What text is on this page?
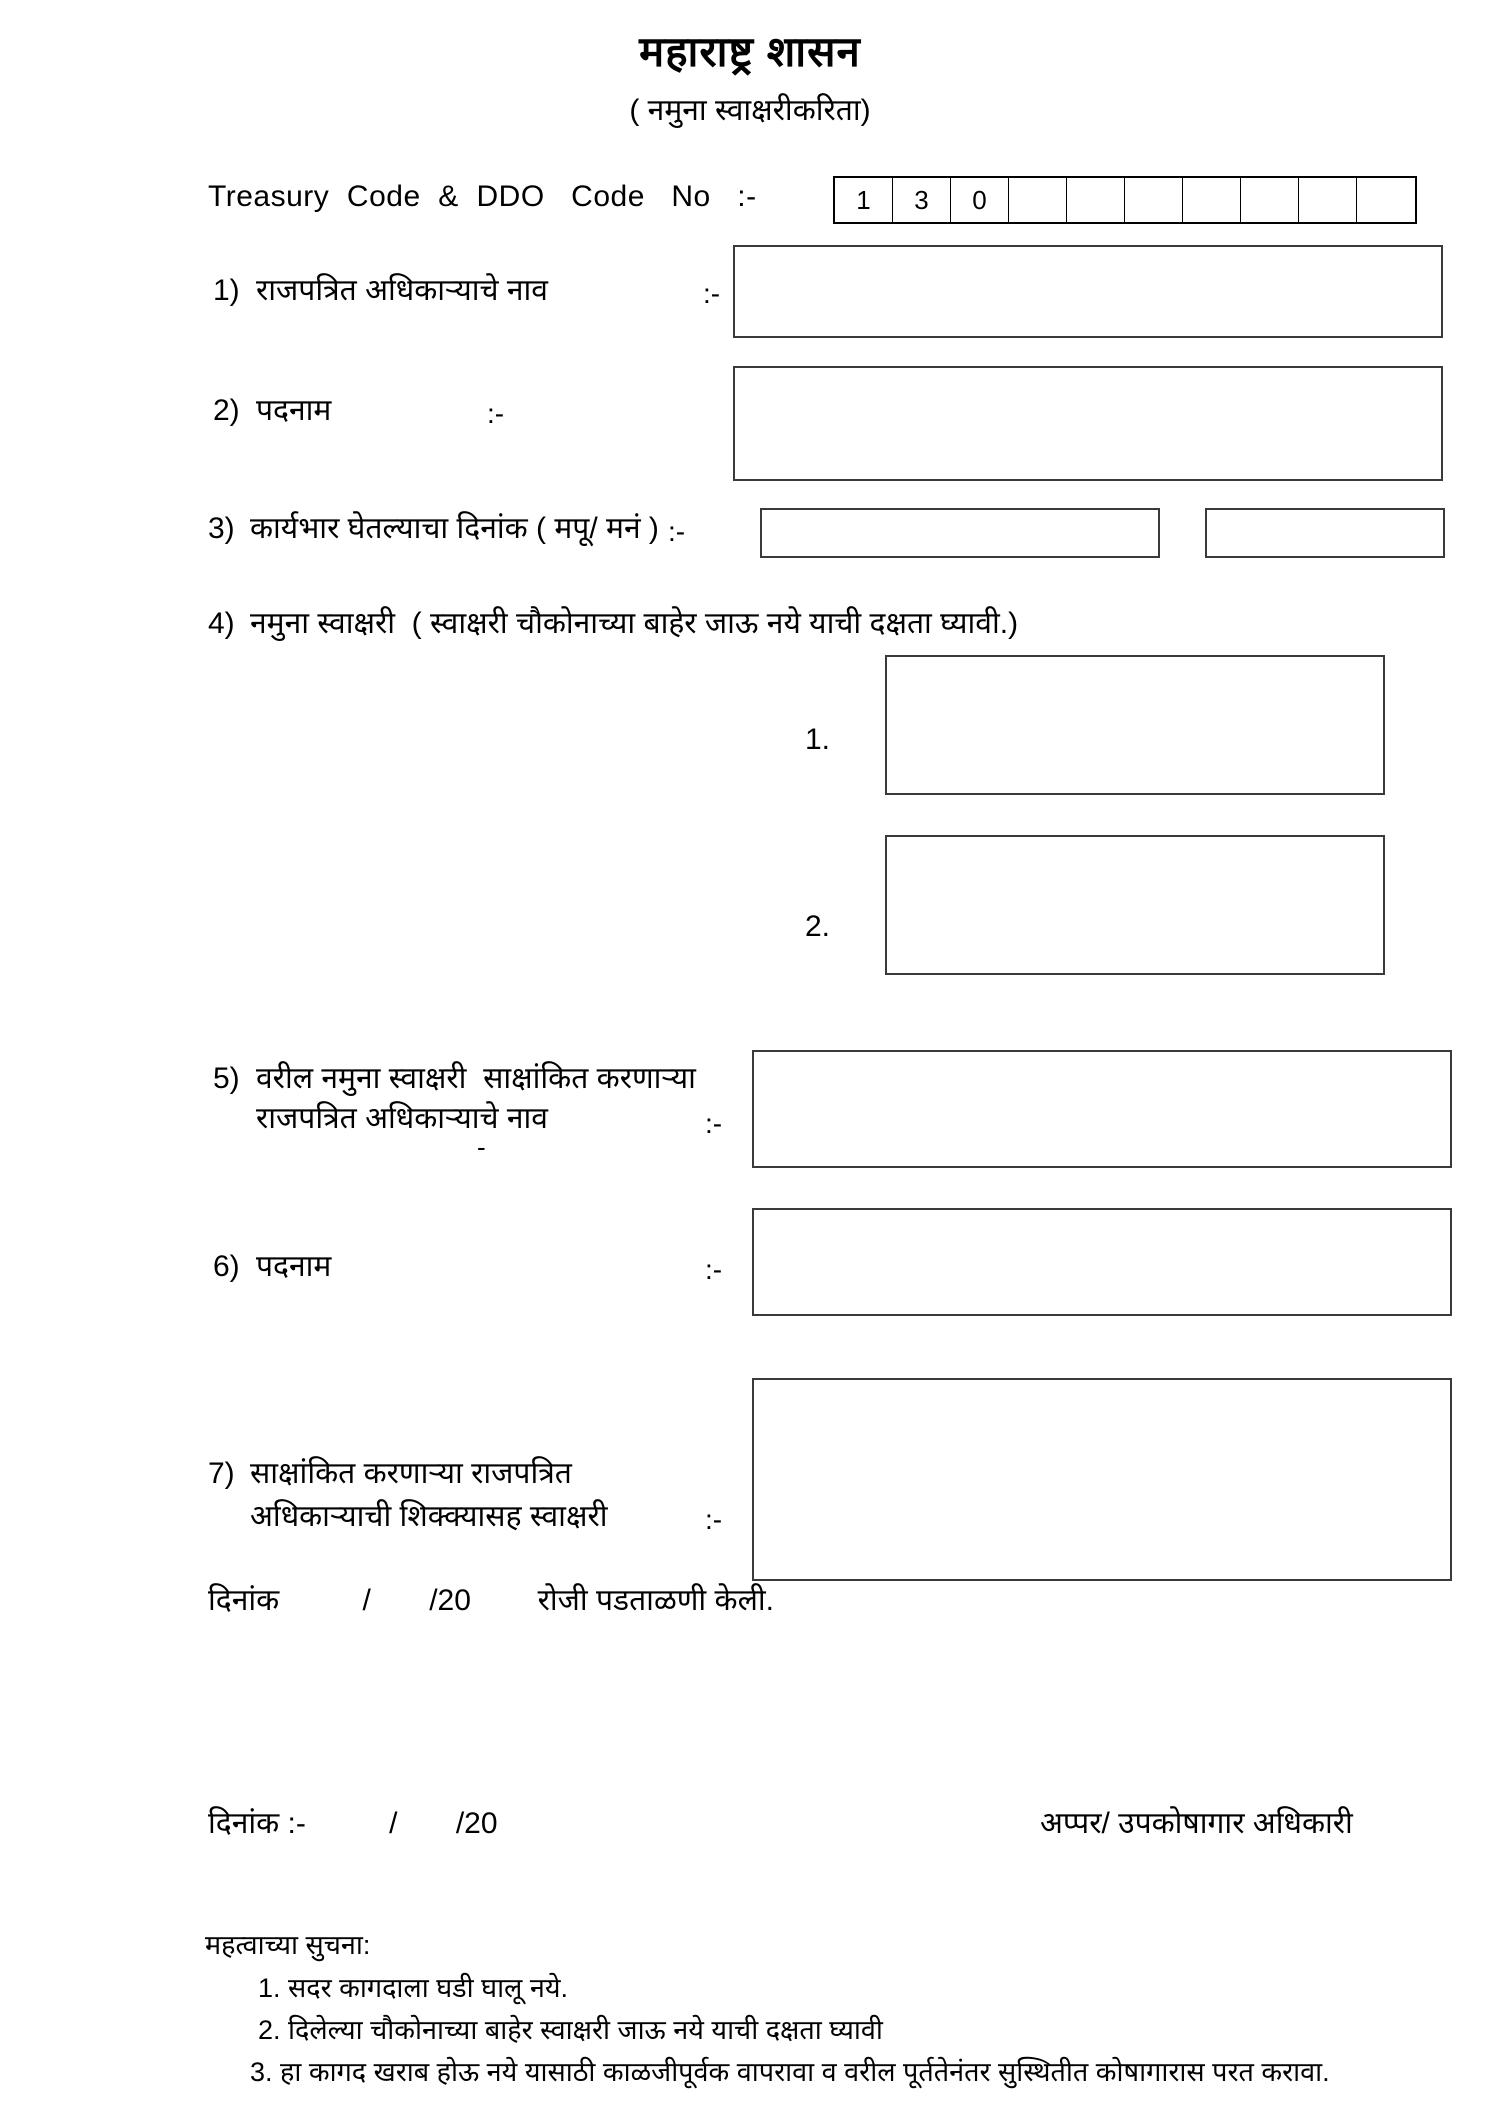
महाराष्ट्र शासन
( नमुना स्वाक्षरीकरिता)
Treasury  Code  &  DDO   Code   No   :-	1	3	0
1) राजपत्रित अधिकाऱ्याचे नाव	:-
2) पदनाम	:-
3) कार्यभार घेतल्याचा दिनांक ( मपू/ मनं ) :-
4) नमुना स्वाक्षरी  ( स्वाक्षरी चौकोनाच्या बाहेर जाऊ नये याची दक्षता घ्यावी.)
1.
2.
5) वरील नमुना स्वाक्षरी  साक्षांकित करणाऱ्या
राजपत्रित अधिकाऱ्याचे नाव
-
:-
6) पदनाम	:-
7) साक्षांकित करणाऱ्या राजपत्रित
अधिकाऱ्याची शिक्क्यासह स्वाक्षरी	:-
दिनांक          /       /20        रोजी पडताळणी केली.
दिनांक :-          /       /20	अप्पर/ उपकोषागार अधिकारी
महत्वाच्या सुचना:
1. सदर कागदाला घडी घालू नये.
2. दिलेल्या चौकोनाच्या बाहेर स्वाक्षरी जाऊ नये याची दक्षता घ्यावी
3. हा कागद खराब होऊ नये यासाठी काळजीपूर्वक वापरावा व वरील पूर्ततेनंतर सुस्थितीत कोषागारास परत करावा.
